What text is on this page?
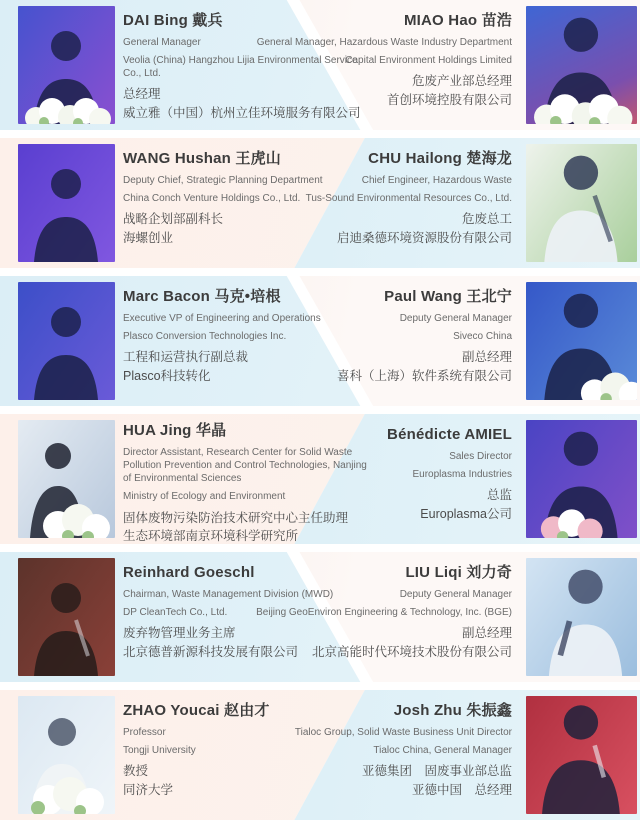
DAI Bing 戴兵

General Manager

Veolia (China) Hangzhou Lijia Environmental Service Co., Ltd.

总经理
威立雅（中国）杭州立佳环境服务有限公司
MIAO Hao 苗浩

General Manager, Hazardous Waste Industry Department

Capital Environment Holdings Limited

危废产业部总经理
首创环境控股有限公司
WANG Hushan 王虎山

Deputy Chief, Strategic Planning Department

China Conch Venture Holdings Co., Ltd.

战略企划部副科长
海螺创业
CHU Hailong 楚海龙

Chief Engineer, Hazardous Waste

Tus-Sound Environmental Resources Co., Ltd.

危废总工
启迪桑德环境资源股份有限公司
Marc Bacon 马克•培根

Executive VP of Engineering and Operations

Plasco Conversion Technologies Inc.

工程和运营执行副总裁
Plasco科技转化
Paul Wang 王北宁

Deputy General Manager

Siveco China

副总经理
喜科（上海）软件系统有限公司
HUA Jing 华晶

Director Assistant, Research Center for Solid Waste Pollution Prevention and Control Technologies, Nanjing of Environmental Sciences

Ministry of Ecology and Environment

固体废物污染防治技术研究中心主任助理
生态环境部南京环境科学研究所
Bénédicte AMIEL

Sales Director

Europlasma Industries

总监
Europlasma公司
Reinhard Goeschl

Chairman, Waste Management Division (MWD)

DP CleanTech Co., Ltd.

废弃物管理业务主席
北京德普新源科技发展有限公司
LIU Liqi 刘力奇

Deputy General Manager

Beijing GeoEnviron Engineering & Technology, Inc. (BGE)

副总经理
北京高能时代环境技术股份有限公司
ZHAO Youcai 赵由才

Professor

Tongji University

教授
同济大学
Josh Zhu 朱振鑫

Tialoc Group, Solid Waste Business Unit Director

Tialoc China, General Manager

亚德集团　固废事业部总监
亚德中国　总经理
